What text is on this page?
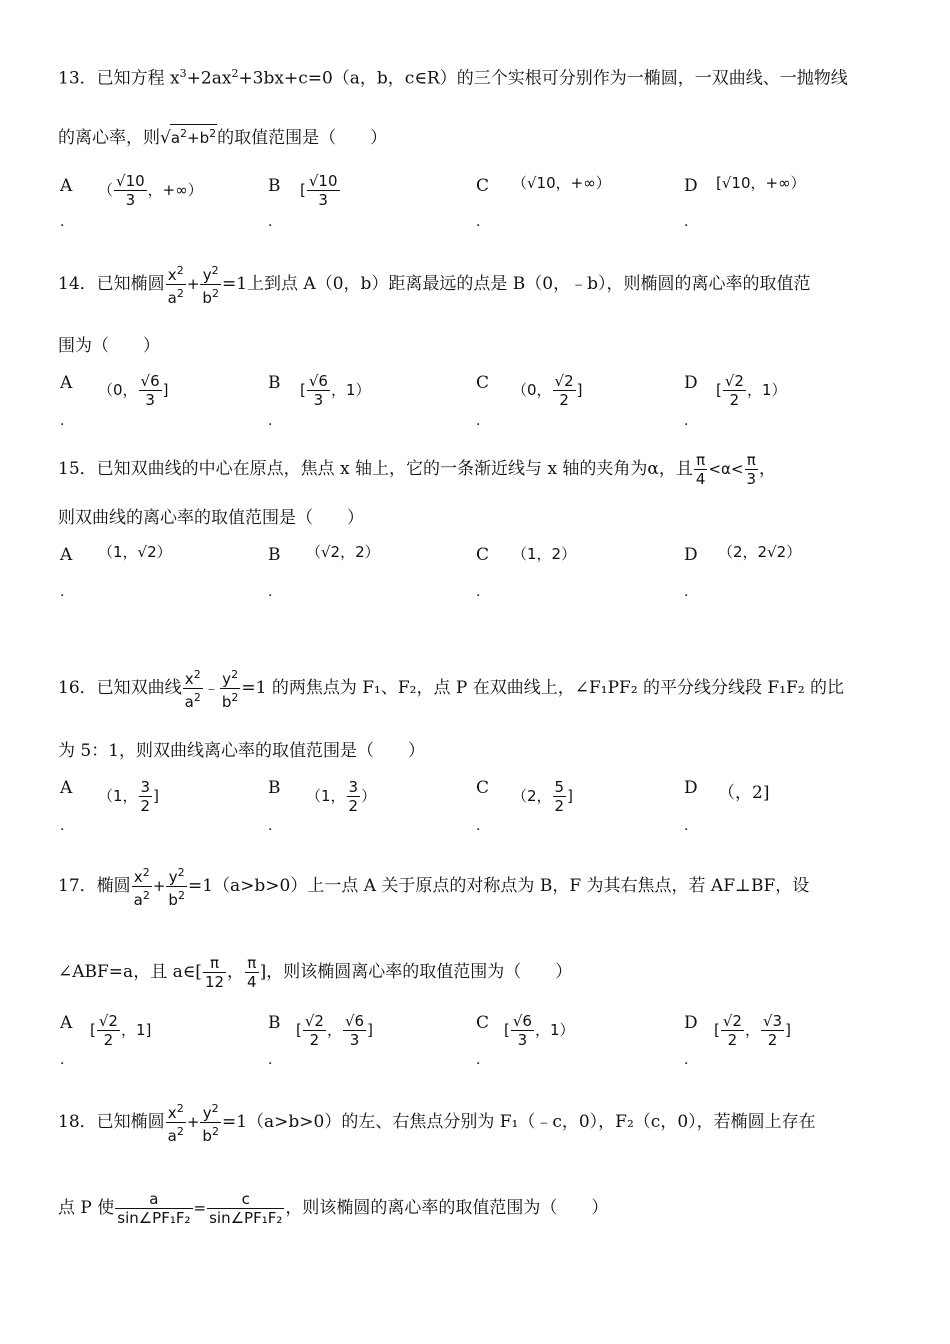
13．已知方程 $x^3+2ax^2+3bx+c=0(a$，b，c∈R）的三个实根可分别作为一椭圆，一双曲线、一抛物线
的离心率，则$√a^2+b^2$的取值范围是（　　）
A （ $\frac{√10}{3}$ ，+∞）	B [ $\frac{√10}{3}$	C （√10，+∞）	D [√10，+∞）
.	.	.	.
14．已知椭圆 $\frac{x^2}{a^2} + \frac{y^2}{b^2} =1$上到点 A（0，b）距离最远的点是 B（0，﹣b），则椭圆的离心率的取值范
围为（　　）
A （0， $\frac{√6}{3}$ ]	B [ $\frac{√6}{3}$ ，1）	C （0， $\frac{√2}{2}$ ]	D [ $\frac{√2}{2}$ ，1）
.	.	.	.
15．已知双曲线的中心在原点，焦点 x 轴上，它的一条渐近线与 x 轴的夹角为α，且 $\frac{\pi}{4} <\alpha< \frac{\pi}{3}$ ，
则双曲线的离心率的取值范围是（　　）
A （1，√2）	B （√2，2）	C （1，2）	D （2，2√2）
.	.	.	.
16．已知双曲线 $\frac{x^2}{a^2}$ ﹣ $\frac{y^2}{b^2} =1$ 的两焦点为 F₁、F₂，点 P 在双曲线上，∠F₁PF₂ 的平分线分线段 F₁F₂ 的比
为 5：1，则双曲线离心率的取值范围是（　　）
A （1， $\frac{3}{2}$ ]	B （1， $\frac{3}{2}$ ）	C （2， $\frac{5}{2}$ ]	D （，2]
.	.	.	.
17．椭圆 $\frac{x^2}{a^2} + \frac{y^2}{b^2} =1(a>b>0)$上一点 A 关于原点的对称点为 B，F 为其右焦点，若 AF⊥BF，设
∠ABF=a，且 a∈[ $\frac{\pi}{12}$ ， $\frac{\pi}{4}$ ]，则该椭圆离心率的取值范围为（　　）
A [ $\frac{√2}{2}$ ，1]	B [ $\frac{√2}{2}$ ， $\frac{√6}{3}$ ]	C [ $\frac{√6}{3}$ ，1）	D [ $\frac{√2}{2}$ ， $\frac{√3}{2}$ ]
.	.	.	.
18．已知椭圆 $\frac{x^2}{a^2} + \frac{y^2}{b^2} =1(a>b>0)$的左、右焦点分别为 F₁（﹣c，0），F₂（c，0），若椭圆上存在
点 P 使 $\frac{a}{\text{sin∠PF₁F₂}} = \frac{c}{\text{sin∠PF₁F₂}}$ ，则该椭圆的离心率的取值范围为（　　）
